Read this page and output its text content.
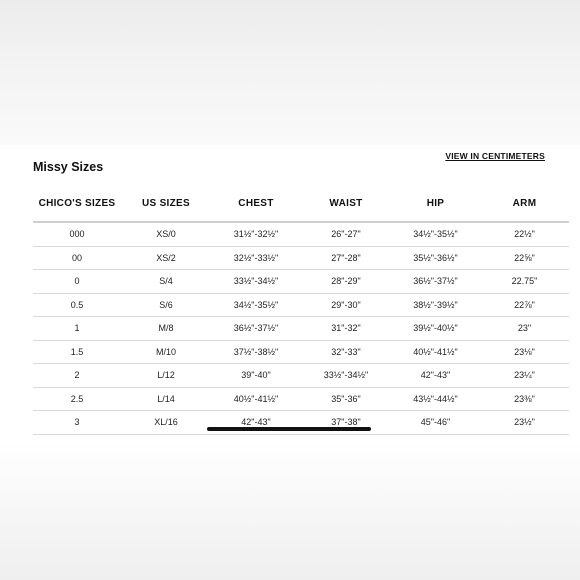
Missy Sizes
VIEW IN CENTIMETERS
CHICO'S SIZES	US SIZES	CHEST	WAIST	HIP	ARM
000	XS/0	31½"-32½"	26"-27"	34½"-35½"	22½"
00	XS/2	32½"-33½"	27"-28"	35½"-36½"	22⅝"
0	S/4	33½"-34½"	28"-29"	36½"-37½"	22.75"
0.5	S/6	34½"-35½"	29"-30"	38½"-39½"	22⅞"
1	M/8	36½"-37½"	31"-32"	39½"-40½"	23"
1.5	M/10	37½"-38½"	32"-33"	40½"-41½"	23⅛"
2	L/12	39"-40"	33½"-34½"	42"-43"	23¼"
2.5	L/14	40½"-41½"	35"-36"	43½"-44½"	23⅜"
3	XL/16	42"-43"	37"-38"	45"-46"	23½"
